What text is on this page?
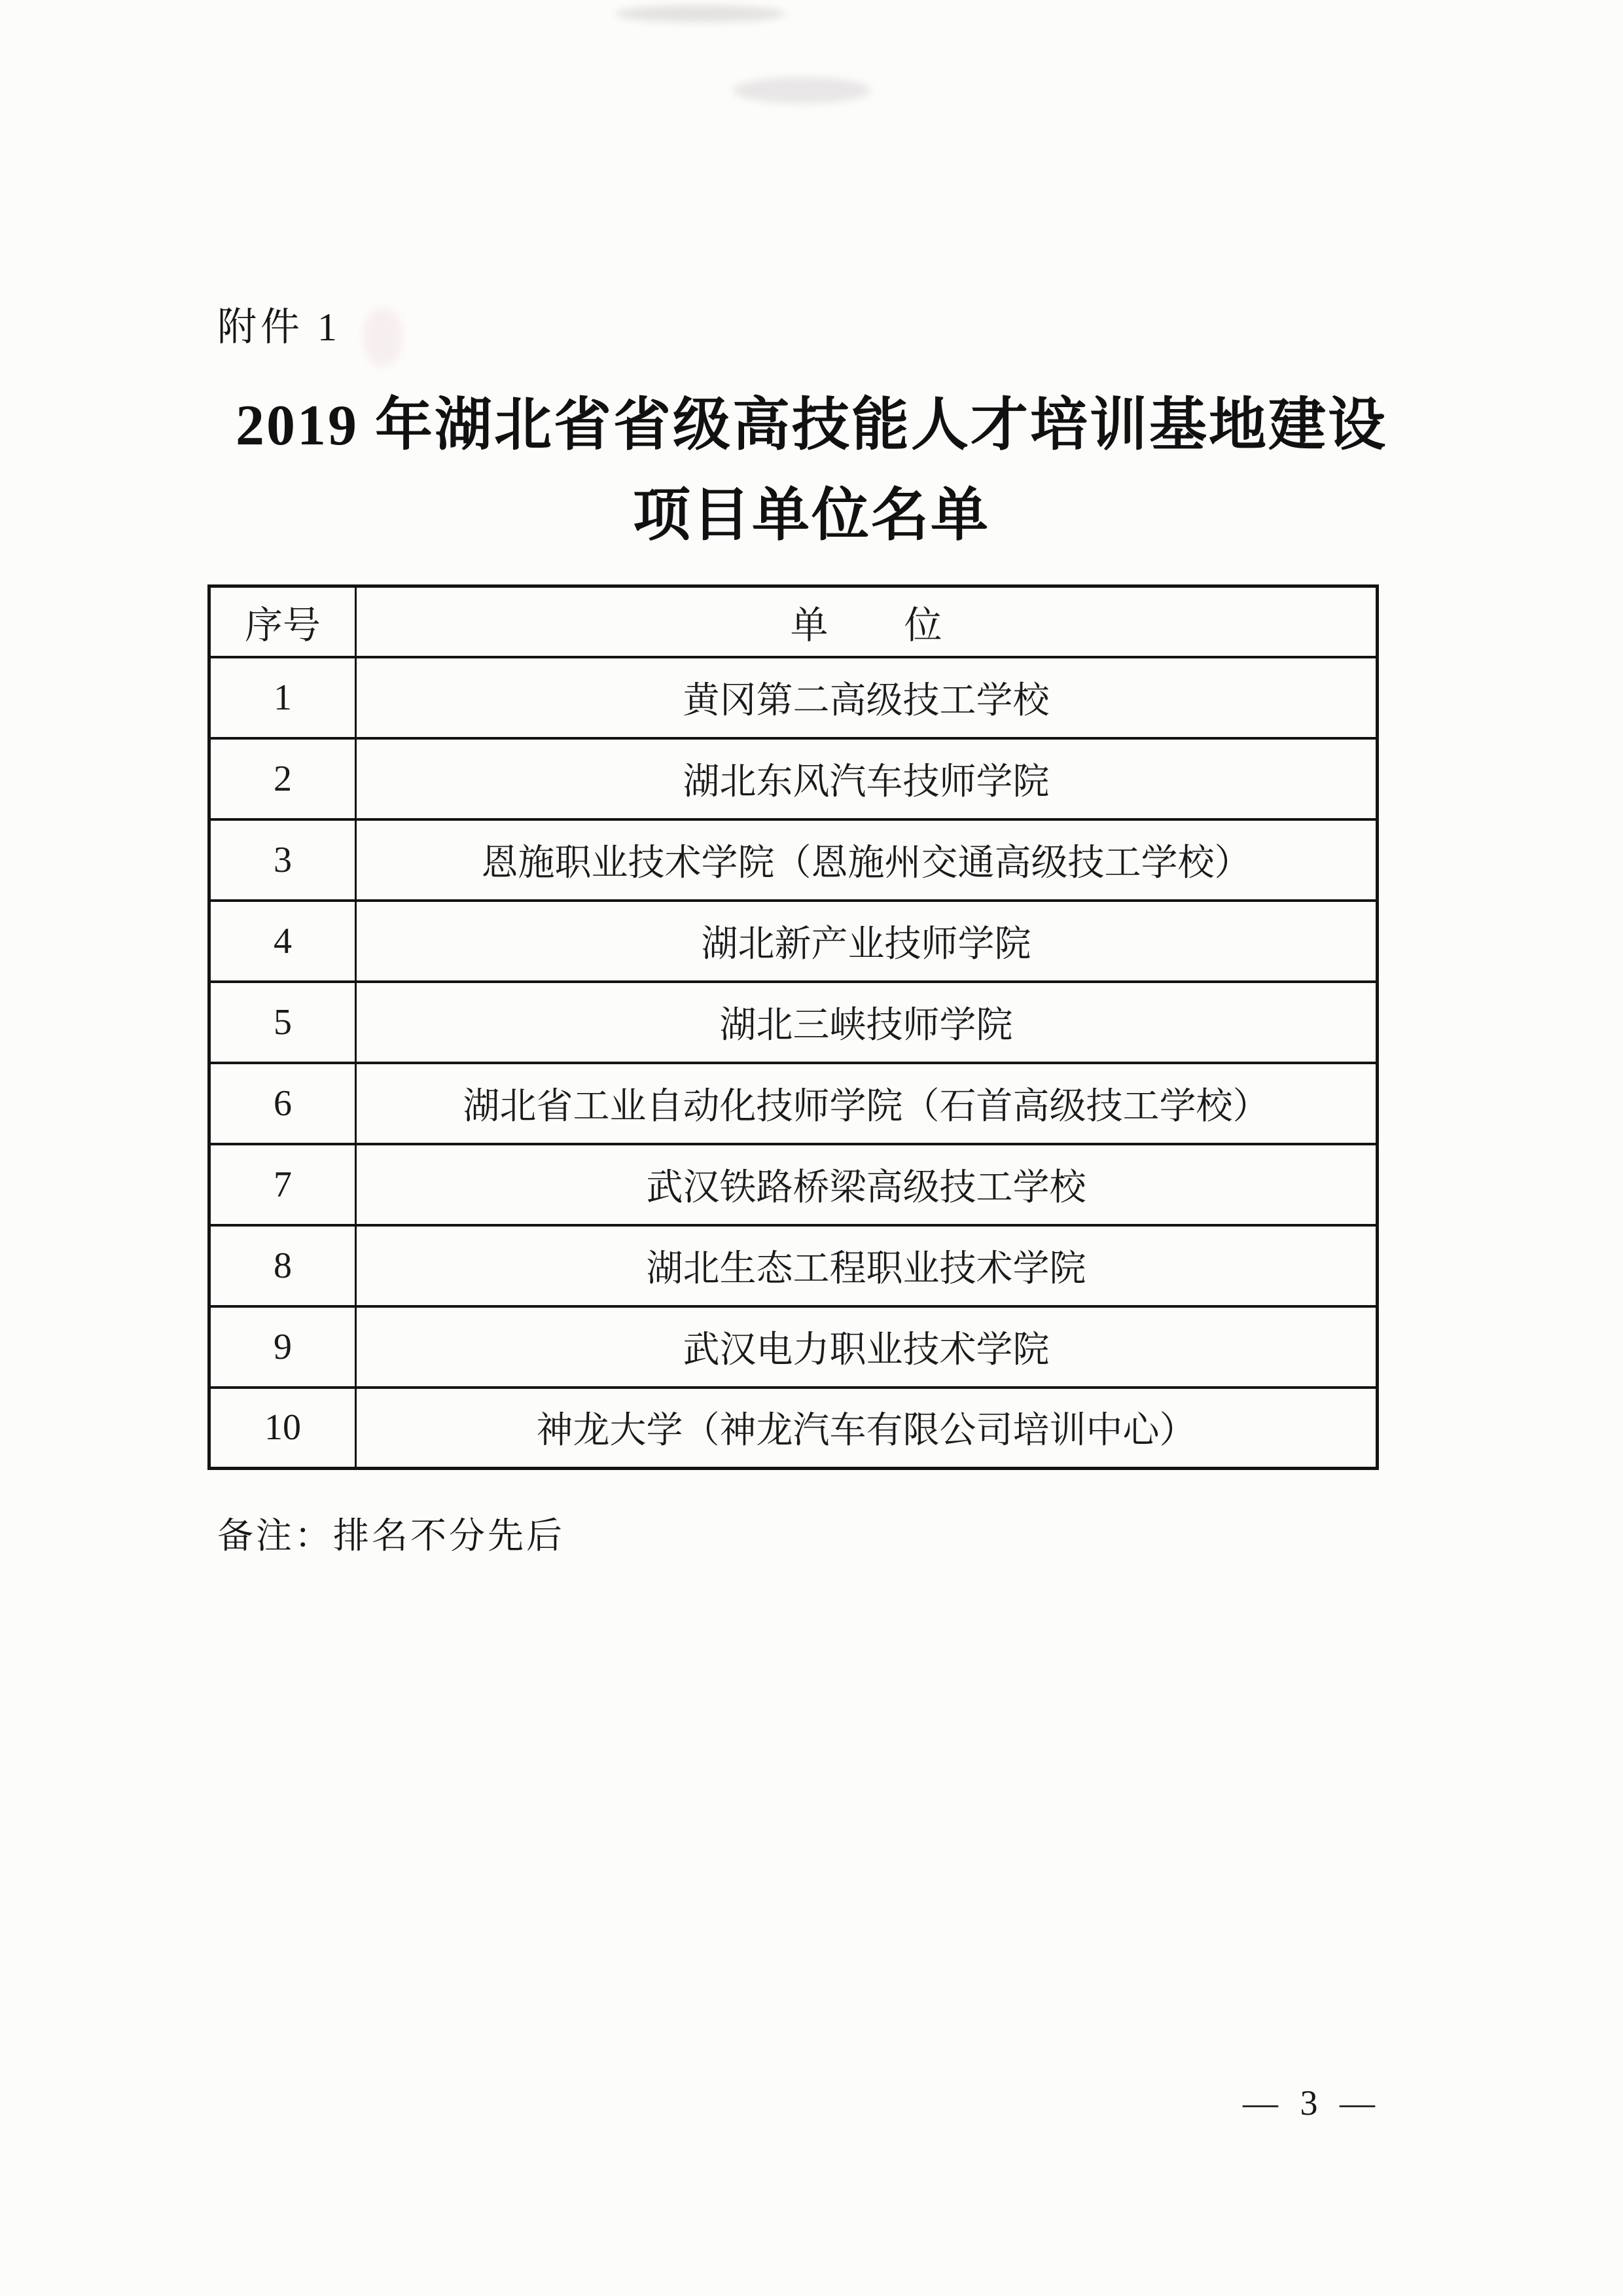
附件 1
2019 年湖北省省级高技能人才培训基地建设
项目单位名单
序号	单　　位
1	黄冈第二高级技工学校
2	湖北东风汽车技师学院
3	恩施职业技术学院（恩施州交通高级技工学校）
4	湖北新产业技师学院
5	湖北三峡技师学院
6	湖北省工业自动化技师学院（石首高级技工学校）
7	武汉铁路桥梁高级技工学校
8	湖北生态工程职业技术学院
9	武汉电力职业技术学院
10	神龙大学（神龙汽车有限公司培训中心）
备注：排名不分先后
— 3 —
